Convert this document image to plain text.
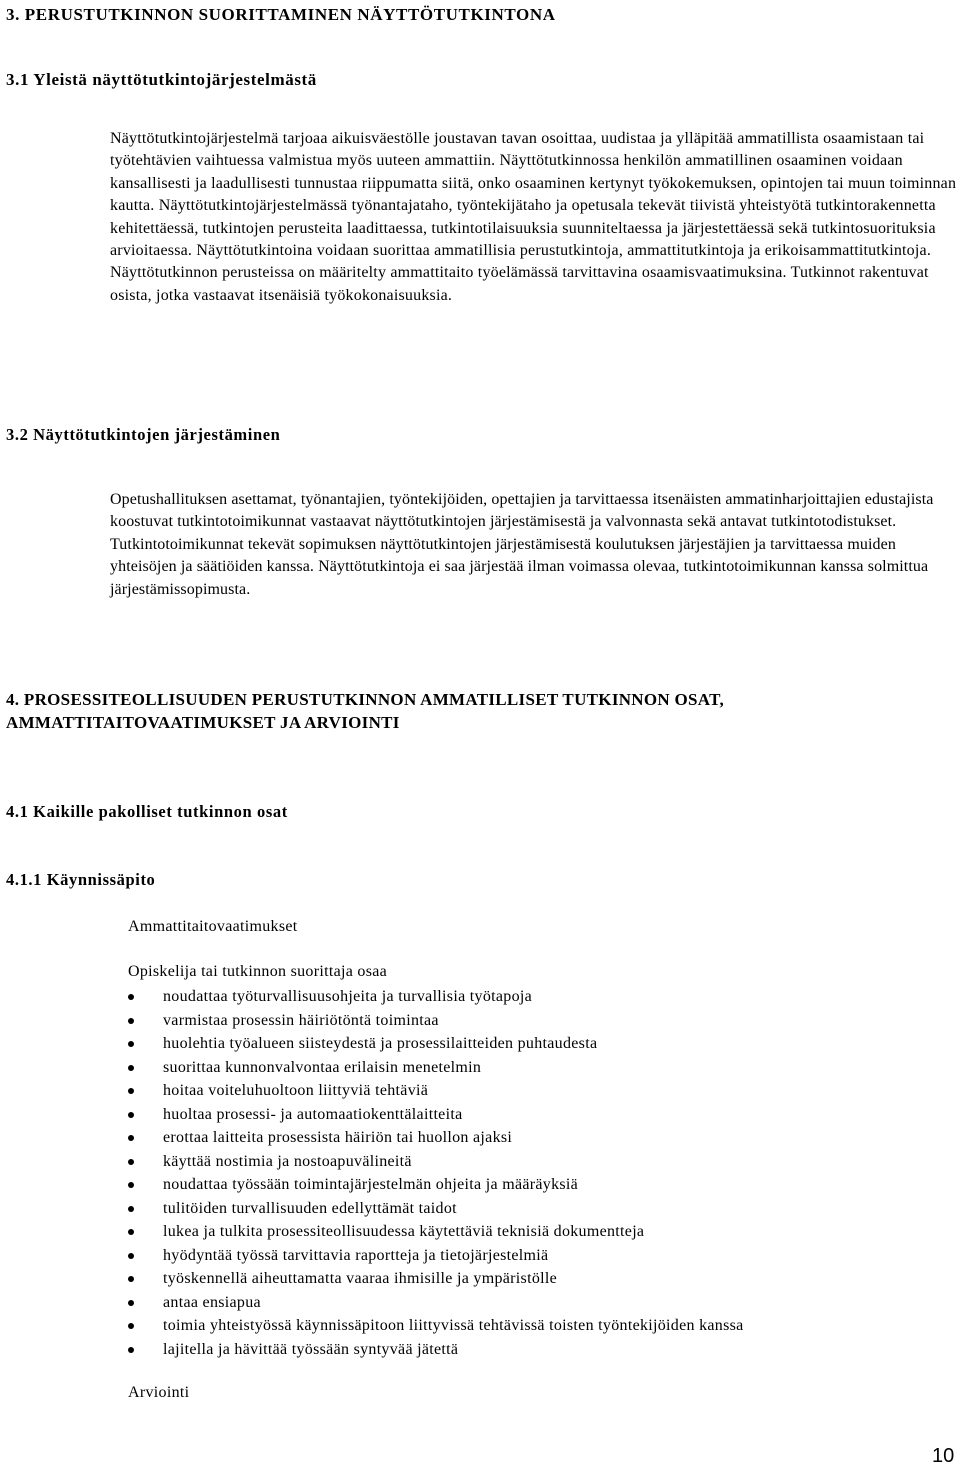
3. PERUSTUTKINNON SUORITTAMINEN NÄYTTÖTUTKINTONA
3.1 Yleistä näyttötutkintojärjestelmästä

Näyttötutkintojärjestelmä tarjoaa aikuisväestölle joustavan tavan osoittaa, uudistaa ja ylläpitää ammatillista osaamistaan tai työtehtävien vaihtuessa valmistua myös uuteen ammattiin. Näyttötutkinnossa henkilön ammatillinen osaaminen voidaan kansallisesti ja laadullisesti tunnustaa riippumatta siitä, onko osaaminen kertynyt työkokemuksen, opintojen tai muun toiminnan kautta. Näyttötutkintojärjestelmässä työnantajataho, työntekijätaho ja opetusala tekevät tiivistä yhteistyötä tutkintorakennetta kehitettäessä, tutkintojen perusteita laadittaessa, tutkintotilaisuuksia suunniteltaessa ja järjestettäessä sekä tutkintosuorituksia arvioitaessa. Näyttötutkintoina voidaan suorittaa ammatillisia perustutkintoja, ammattitutkintoja ja erikoisammattitutkintoja. Näyttötutkinnon perusteissa on määritelty ammattitaito työelämässä tarvittavina osaamisvaatimuksina. Tutkinnot rakentuvat osista, jotka vastaavat itsenäisiä työkokonaisuuksia.

3.2 Näyttötutkintojen järjestäminen

Opetushallituksen asettamat, työnantajien, työntekijöiden, opettajien ja tarvittaessa itsenäisten ammatinharjoittajien edustajista koostuvat tutkintotoimikunnat vastaavat näyttötutkintojen järjestämisestä ja valvonnasta sekä antavat tutkintotodistukset. Tutkintotoimikunnat tekevät sopimuksen näyttötutkintojen järjestämisestä koulutuksen järjestäjien ja tarvittaessa muiden yhteisöjen ja säätiöiden kanssa. Näyttötutkintoja ei saa järjestää ilman voimassa olevaa, tutkintotoimikunnan kanssa solmittua järjestämissopimusta.

4. PROSESSITEOLLISUUDEN PERUSTUTKINNON AMMATILLISET TUTKINNON OSAT, AMMATTITAITOVAATIMUKSET JA ARVIOINTI
4.1 Kaikille pakolliset tutkinnon osat
4.1.1 Käynnissäpito
Ammattitaitovaatimukset
Opiskelija tai tutkinnon suorittaja osaa
noudattaa työturvallisuusohjeita ja turvallisia työtapoja
varmistaa prosessin häiriötöntä toimintaa
huolehtia työalueen siisteydestä ja prosessilaitteiden puhtaudesta
suorittaa kunnonvalvontaa erilaisin menetelmin
hoitaa voiteluhuoltoon liittyviä tehtäviä
huoltaa prosessi- ja automaatiokenttälaitteita
erottaa laitteita prosessista häiriön tai huollon ajaksi
käyttää nostimia ja nostoapuvälineitä
noudattaa työssään toimintajärjestelmän ohjeita ja määräyksiä
tulitöiden turvallisuuden edellyttämät taidot
lukea ja tulkita prosessiteollisuudessa käytettäviä teknisiä dokumentteja
hyödyntää työssä tarvittavia raportteja ja tietojärjestelmiä
työskennellä aiheuttamatta vaaraa ihmisille ja ympäristölle
antaa ensiapua
toimia yhteistyössä käynnissäpitoon liittyvissä tehtävissä toisten työntekijöiden kanssa
lajitella ja hävittää työssään syntyvää jätettä
Arviointi
10
